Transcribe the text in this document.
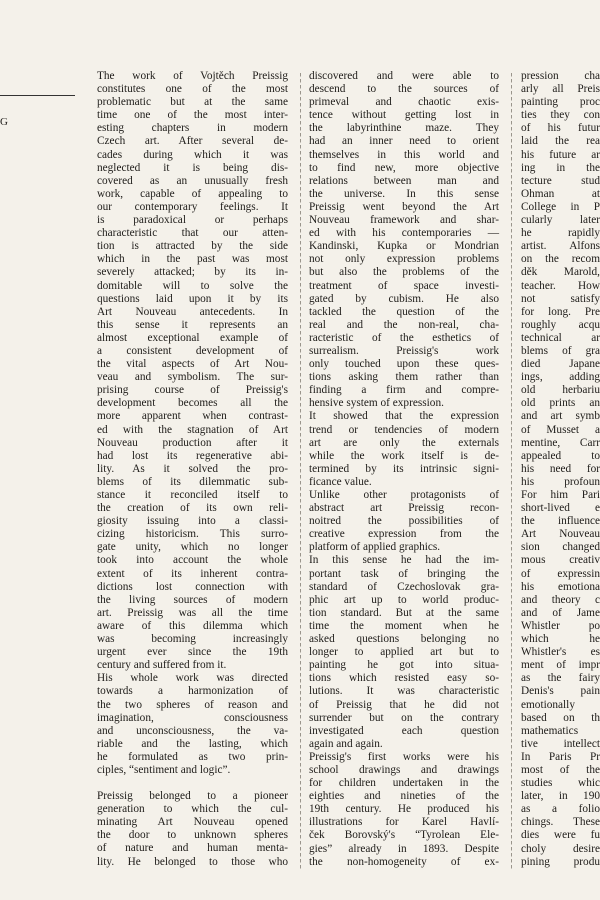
G
The work of Vojtěch Preissig
constitutes one of the most
problematic but at the same
time one of the most inter-
esting chapters in modern
Czech art. After several de-
cades during which it was
neglected it is being dis-
covered as an unusually fresh
work, capable of appealing to
our contemporary feelings. It
is paradoxical or perhaps
characteristic that our atten-
tion is attracted by the side
which in the past was most
severely attacked; by its in-
domitable will to solve the
questions laid upon it by its
Art Nouveau antecedents. In
this sense it represents an
almost exceptional example of
a consistent development of
the vital aspects of Art Nou-
veau and symbolism. The sur-
prising course of Preissig's
development becomes all the
more apparent when contrast-
ed with the stagnation of Art
Nouveau production after it
had lost its regenerative abi-
lity. As it solved the pro-
blems of its dilemmatic sub-
stance it reconciled itself to
the creation of its own reli-
giosity issuing into a classi-
cizing historicism. This surro-
gate unity, which no longer
took into account the whole
extent of its inherent contra-
dictions lost connection with
the living sources of modern
art. Preissig was all the time
aware of this dilemma which
was becoming increasingly
urgent ever since the 19th
century and suffered from it.
His whole work was directed
towards a harmonization of
the two spheres of reason and
imagination, consciousness
and unconsciousness, the va-
riable and the lasting, which
he formulated as two prin-
ciples, “sentiment and logic”.
Preissig belonged to a pioneer
generation to which the cul-
minating Art Nouveau opened
the door to unknown spheres
of nature and human menta-
lity. He belonged to those who
discovered and were able to
descend to the sources of
primeval and chaotic exis-
tence without getting lost in
the labyrinthine maze. They
had an inner need to orient
themselves in this world and
to find new, more objective
relations between man and
the universe. In this sense
Preissig went beyond the Art
Nouveau framework and shar-
ed with his contemporaries —
Kandinski, Kupka or Mondrian
not only expression problems
but also the problems of the
treatment of space investi-
gated by cubism. He also
tackled the question of the
real and the non-real, cha-
racteristic of the esthetics of
surrealism. Preissig's work
only touched upon these ques-
tions asking them rather than
finding a firm and compre-
hensive system of expression.
It showed that the expression
trend or tendencies of modern
art are only the externals
while the work itself is de-
termined by its intrinsic signi-
ficance value.
Unlike other protagonists of
abstract art Preissig recon-
noitred the possibilities of
creative expression from the
platform of applied graphics.
In this sense he had the im-
portant task of bringing the
standard of Czechoslovak gra-
phic art up to world produc-
tion standard. But at the same
time the moment when he
asked questions belonging no
longer to applied art but to
painting he got into situa-
tions which resisted easy so-
lutions. It was characteristic
of Preissig that he did not
surrender but on the contrary
investigated each question
again and again.
Preissig's first works were his
school drawings and drawings
for children undertaken in the
eighties and nineties of the
19th century. He produced his
illustrations for Karel Havlí-
ček Borovský's “Tyrolean Ele-
gies” already in 1893. Despite
the non-homogeneity of ex-
pression cha
arly all Preis
painting proc
ties they con
of his futur
laid the rea
his future ar
ing in the
tecture stud
Ohman at
College in P
cularly later
he rapidly
artist. Alfons
on the recom
děk Marold,
teacher. How
not satisfy
for long. Pre
roughly acqu
technical ar
blems of gra
died Japane
ings, adding
old herbariu
old prints an
and art symb
of Musset a
mentine, Carr
appealed to
his need for
his profoun
For him Pari
short-lived e
the influence
Art Nouveau
sion changed
mous creativ
of expressin
his emotiona
and theory c
and of Jame
Whistler po
which he
Whistler's es
ment of impr
as the fairy
Denis's pain
emotionally
based on th
mathematics
tive intellect
In Paris Pr
most of the
studies whic
later, in 190
as a folio
chings. These
dies were fu
choly desire
pining produ
